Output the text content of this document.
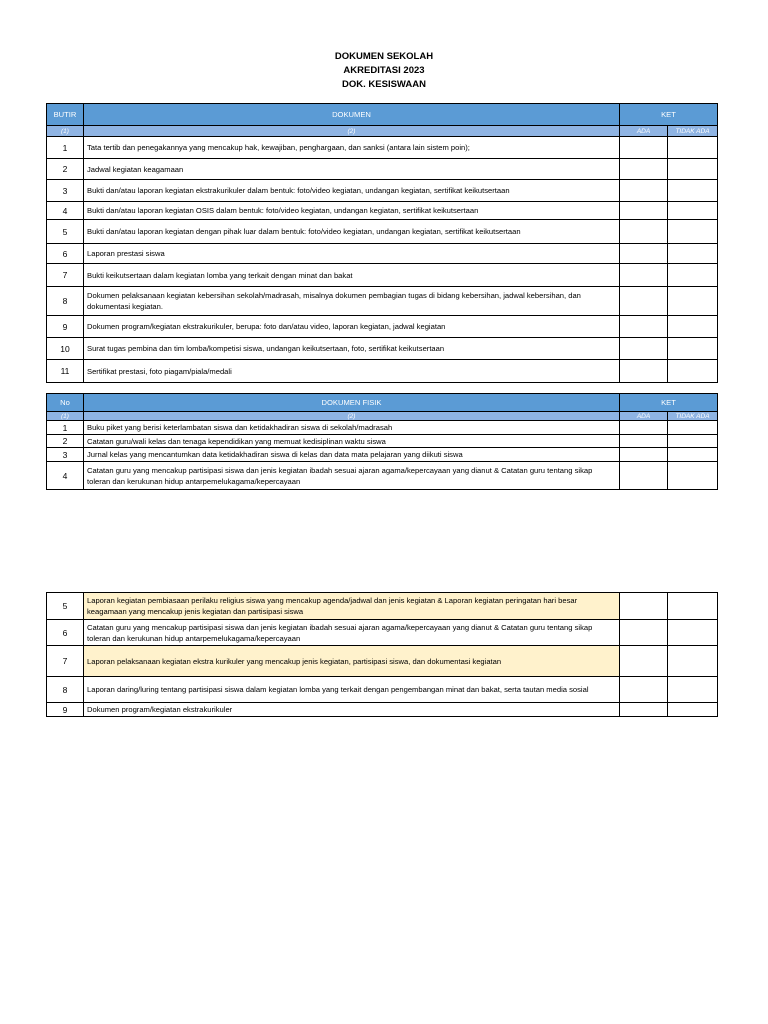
DOKUMEN SEKOLAH
AKREDITASI 2023
DOK. KESISWAAN
BUTIR	DOKUMEN	KET	
(1)	(2)	ADA	TIDAK ADA
1	Tata tertib dan penegakannya yang mencakup hak, kewajiban, penghargaan, dan sanksi (antara lain sistem poin);		
2	Jadwal kegiatan keagamaan		
3	Bukti dan/atau laporan kegiatan ekstrakurikuler dalam bentuk: foto/video kegiatan, undangan kegiatan, sertifikat keikutsertaan		
4	Bukti dan/atau laporan kegiatan OSIS dalam bentuk: foto/video kegiatan, undangan kegiatan, sertifikat keikutsertaan		
5	Bukti dan/atau laporan kegiatan dengan pihak luar dalam bentuk: foto/video kegiatan, undangan kegiatan, sertifikat keikutsertaan		
6	Laporan prestasi siswa		
7	Bukti keikutsertaan dalam kegiatan lomba yang terkait dengan minat dan bakat		
8	Dokumen pelaksanaan kegiatan kebersihan sekolah/madrasah, misalnya dokumen pembagian tugas di bidang kebersihan, jadwal kebersihan, dan dokumentasi kegiatan.		
9	Dokumen program/kegiatan ekstrakurikuler, berupa: foto dan/atau video, laporan kegiatan, jadwal kegiatan		
10	Surat tugas pembina dan tim lomba/kompetisi siswa, undangan keikutsertaan, foto, sertifikat keikutsertaan		
11	Sertifikat prestasi, foto piagam/piala/medali		
No	DOKUMEN FISIK	KET	
(1)	(2)	ADA	TIDAK ADA
1	Buku piket yang berisi keterlambatan siswa dan ketidakhadiran siswa di sekolah/madrasah		
2	Catatan guru/wali kelas dan tenaga kependidikan yang memuat kedisiplinan waktu siswa		
3	Jurnal kelas yang mencantumkan data ketidakhadiran siswa di kelas dan data mata pelajaran yang diikuti siswa		
4	Catatan guru yang mencakup partisipasi siswa dan jenis kegiatan ibadah sesuai ajaran agama/kepercayaan yang dianut & Catatan guru tentang sikap toleran dan kerukunan hidup antarpemelukagama/kepercayaan		
5	Laporan kegiatan pembiasaan perilaku religius siswa yang mencakup agenda/jadwal dan jenis kegiatan & Laporan kegiatan peringatan hari besar keagamaan yang mencakup jenis kegiatan dan partisipasi siswa		
6	Catatan guru yang mencakup partisipasi siswa dan jenis kegiatan ibadah sesuai ajaran agama/kepercayaan yang dianut & Catatan guru tentang sikap toleran dan kerukunan hidup antarpemelukagama/kepercayaan		
7	Laporan pelaksanaan kegiatan ekstra kurikuler yang mencakup jenis kegiatan, partisipasi siswa, dan dokumentasi kegiatan		
8	Laporan daring/luring tentang partisipasi siswa dalam kegiatan lomba yang terkait dengan pengembangan minat dan bakat, serta tautan media sosial		
9	Dokumen program/kegiatan ekstrakurikuler		
